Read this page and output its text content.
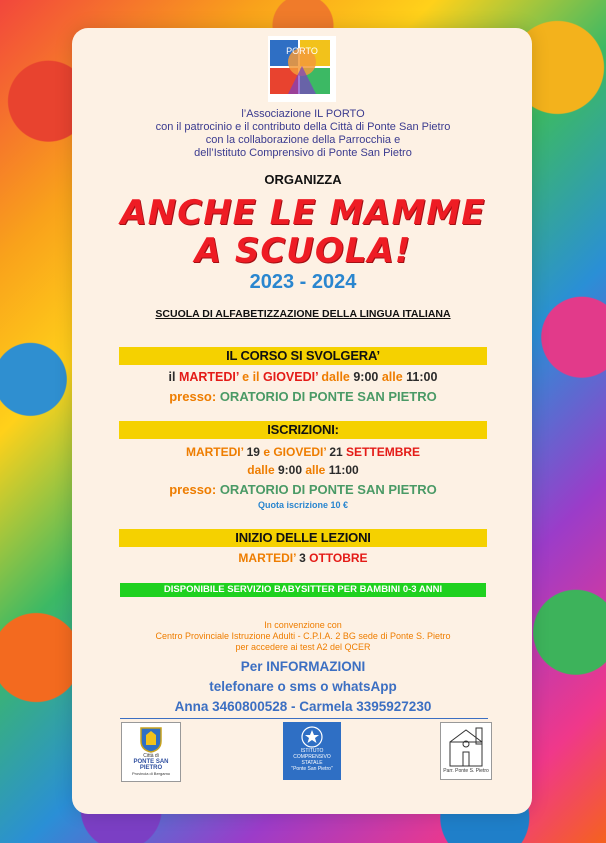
PORTO
l’Associazione IL PORTO
con il patrocinio e il contributo della Città di Ponte San Pietro
con la collaborazione della Parrocchia e
dell’Istituto Comprensivo di Ponte San Pietro
ORGANIZZA
ANCHE LE MAMME
A SCUOLA!
2023 - 2024
SCUOLA DI ALFABETIZZAZIONE DELLA LINGUA ITALIANA
IL CORSO SI SVOLGERA’
il MARTEDI’ e il GIOVEDI’ dalle 9:00 alle 11:00
presso: ORATORIO DI PONTE SAN PIETRO
ISCRIZIONI:
MARTEDI’ 19 e GIOVEDI’ 21 SETTEMBRE
dalle 9:00 alle 11:00
presso: ORATORIO DI PONTE SAN PIETRO
Quota iscrizione 10 €
INIZIO DELLE LEZIONI
MARTEDI’ 3 OTTOBRE
DISPONIBILE SERVIZIO BABYSITTER PER BAMBINI 0-3 ANNI
In convenzione con
Centro Provinciale Istruzione Adulti - C.P.I.A. 2 BG sede di Ponte S. Pietro
per accedere ai test A2 del QCER
Per INFORMAZIONI
telefonare o sms o whatsApp
Anna 3460800528 - Carmela 3395927230
Città di
PONTE SAN PIETRO
Provincia di Bergamo
ISTITUTO
COMPRENSIVO
STATALE
"Ponte San Pietro"	Parr. Ponte S. Pietro
